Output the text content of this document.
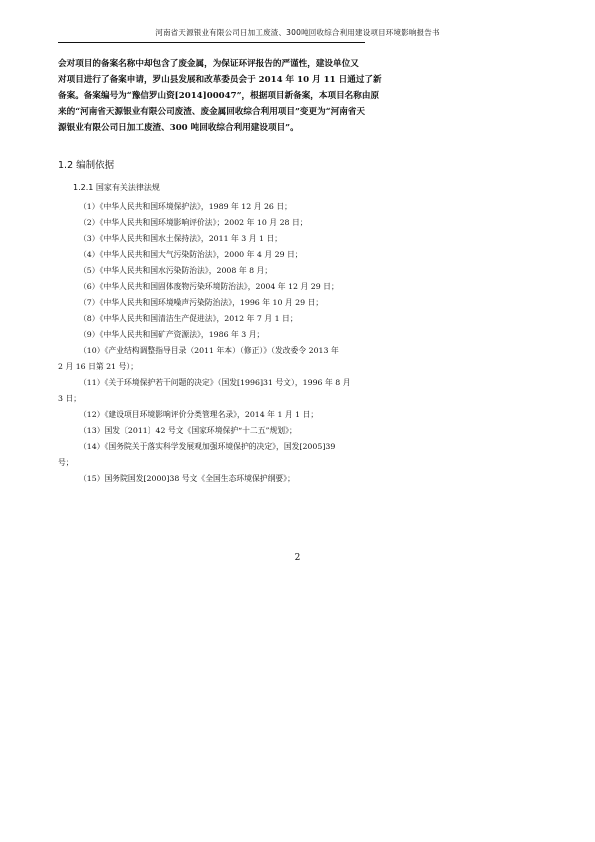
河南省天源银业有限公司日加工废渣、300吨回收综合利用建设项目环境影响报告书

会对项目的备案名称中却包含了废金属，为保证环评报告的严谨性，建设单位又

对项目进行了备案申请，罗山县发展和改革委员会于 2014 年 10 月 11 日通过了新

备案。备案编号为“豫信罗山资[2014]00047”，根据项目新备案，本项目名称由原

来的“河南省天源银业有限公司废渣、废金属回收综合利用项目”变更为“河南省天

源银业有限公司日加工废渣、300 吨回收综合利用建设项目”。

1.2 编制依据
1.2.1 国家有关法律法规
（1）《中华人民共和国环境保护法》，1989 年 12 月 26 日；
（2）《中华人民共和国环境影响评价法》；2002 年 10 月 28 日；
（3）《中华人民共和国水土保持法》，2011 年 3 月 1 日；
（4）《中华人民共和国大气污染防治法》，2000 年 4 月 29 日；
（5）《中华人民共和国水污染防治法》，2008 年 8 月；
（6）《中华人民共和国固体废物污染环境防治法》，2004 年 12 月 29 日；
（7）《中华人民共和国环境噪声污染防治法》，1996 年 10 月 29 日；
（8）《中华人民共和国清洁生产促进法》，2012 年 7 月 1 日；
（9）《中华人民共和国矿产资源法》，1986 年 3 月；
（10）《产业结构调整指导目录（2011 年本）（修正）》（发改委令 2013 年
2 月 16 日第 21 号）；
（11）《关于环境保护若干问题的决定》（国发[1996]31 号文），1996 年 8 月
3 日；
（12）《建设项目环境影响评价分类管理名录》，2014 年 1 月 1 日；
（13）国发〔2011〕42 号文《国家环境保护“十二五”规划》；
（14）《国务院关于落实科学发展观加强环境保护的决定》，国发[2005]39
号；
（15）国务院国发[2000]38 号文《全国生态环境保护纲要》；
2
